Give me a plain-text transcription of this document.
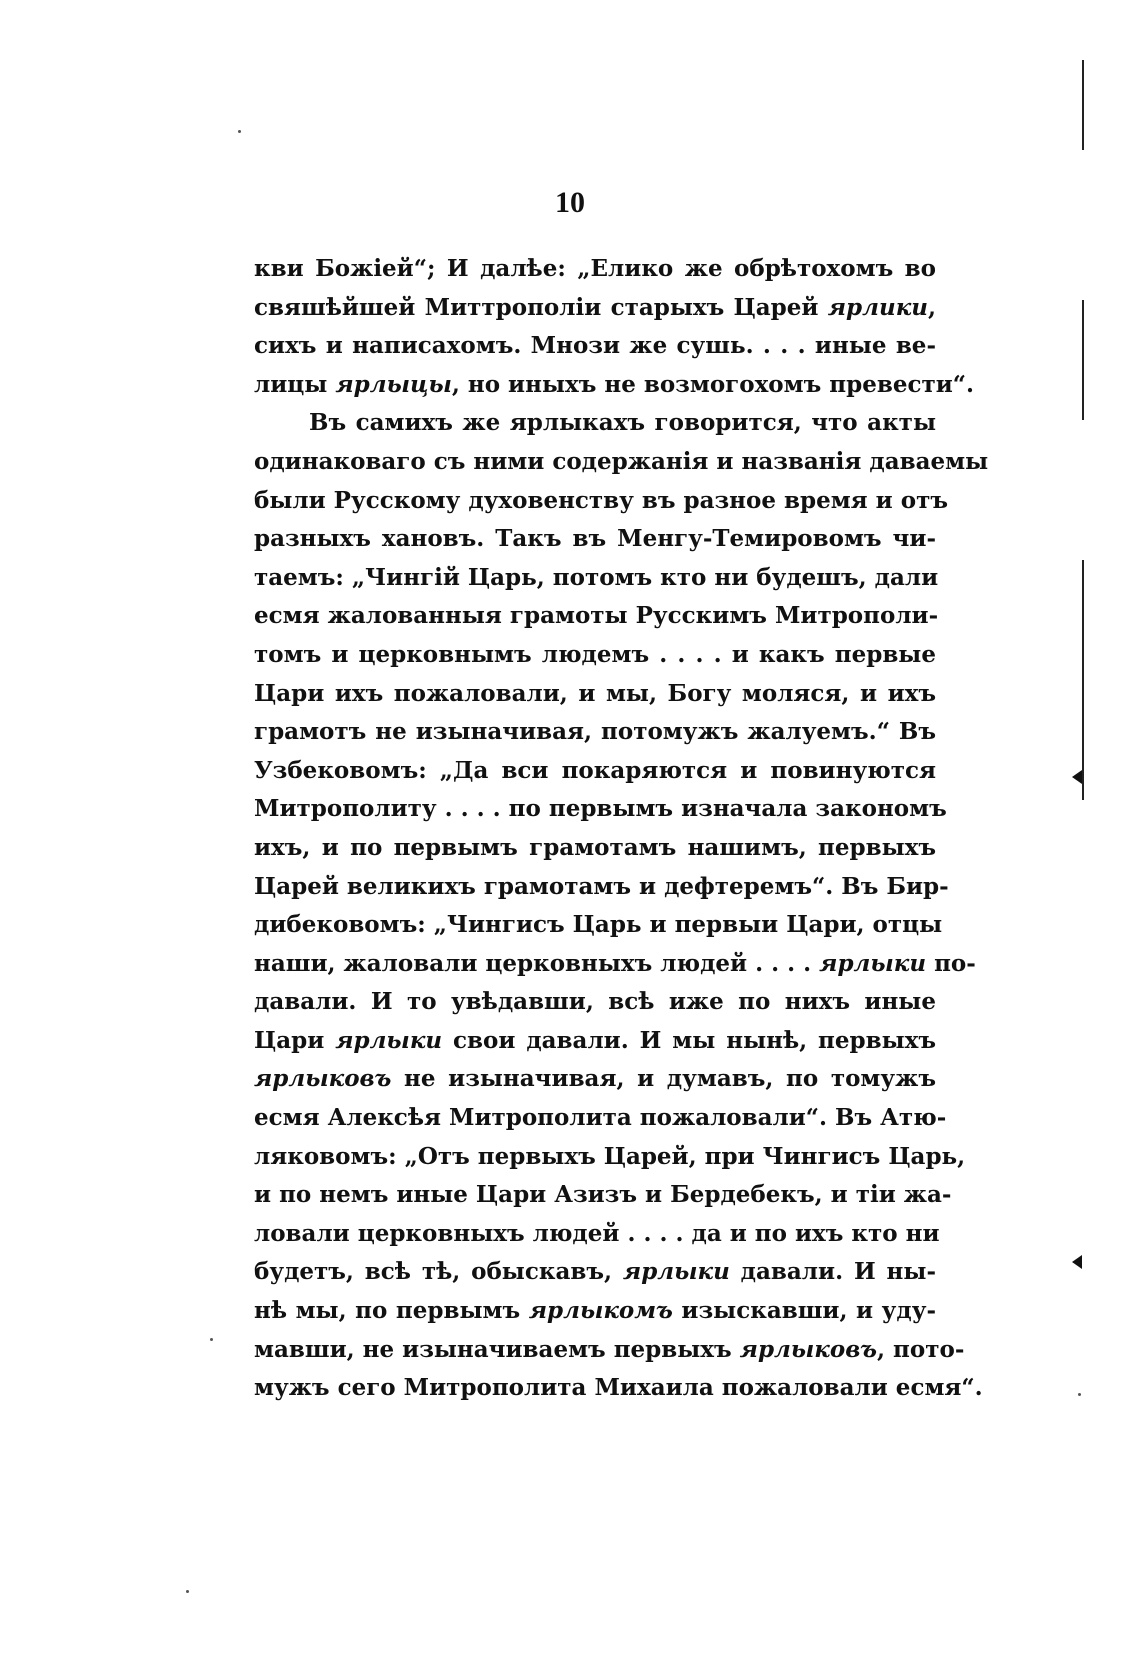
10
кви Божiей“; И далѣе: „Елико же обрѣтохомъ во
свяшѣйшей Миттрополiи старыхъ Царей ярлики,
сихъ и написахомъ. Мнози же сушь. . . . иные ве-
лицы ярлыцы, но иныхъ не возмогохомъ превести“.
Въ самихъ же ярлыкахъ говорится, что акты
одинаковаго съ ними содержанiя и названiя даваемы
были Русскому духовенству въ разное время и отъ
разныхъ хановъ. Такъ въ Менгу-Темировомъ чи-
таемъ: „Чингiй Царь, потомъ кто ни будешъ, дали
есмя жалованныя грамоты Русскимъ Митрополи-
томъ и церковнымъ людемъ . . . . и какъ первые
Цари ихъ пожаловали, и мы, Богу моляся, и ихъ
грамотъ не изыначивая, потомужъ жалуемъ.“ Въ
Узбековомъ: „Да вси покаряются и повинуются
Митрополиту . . . . по первымъ изначала закономъ
ихъ, и по первымъ грамотамъ нашимъ, первыхъ
Царей великихъ грамотамъ и дефтеремъ“. Въ Бир-
дибековомъ: „Чингисъ Царь и первыи Цари, отцы
наши, жаловали церковныхъ людей . . . . ярлыки по-
давали. И то увѣдавши, всѣ иже по нихъ иные
Цари ярлыки свои давали. И мы нынѣ, первыхъ
ярлыковъ не изыначивая, и думавъ, по томужъ
есмя Алексѣя Митрополита пожаловали“. Въ Атю-
ляковомъ: „Отъ первыхъ Царей, при Чингисъ Царь,
и по немъ иные Цари Азизъ и Бердебекъ, и тiи жа-
ловали церковныхъ людей . . . . да и по ихъ кто ни
будетъ, всѣ тѣ, обыскавъ, ярлыки давали. И ны-
нѣ мы, по первымъ ярлыкомъ изыскавши, и уду-
мавши, не изыначиваемъ первыхъ ярлыковъ, пото-
мужъ сего Митрополита Михаила пожаловали есмя“.
